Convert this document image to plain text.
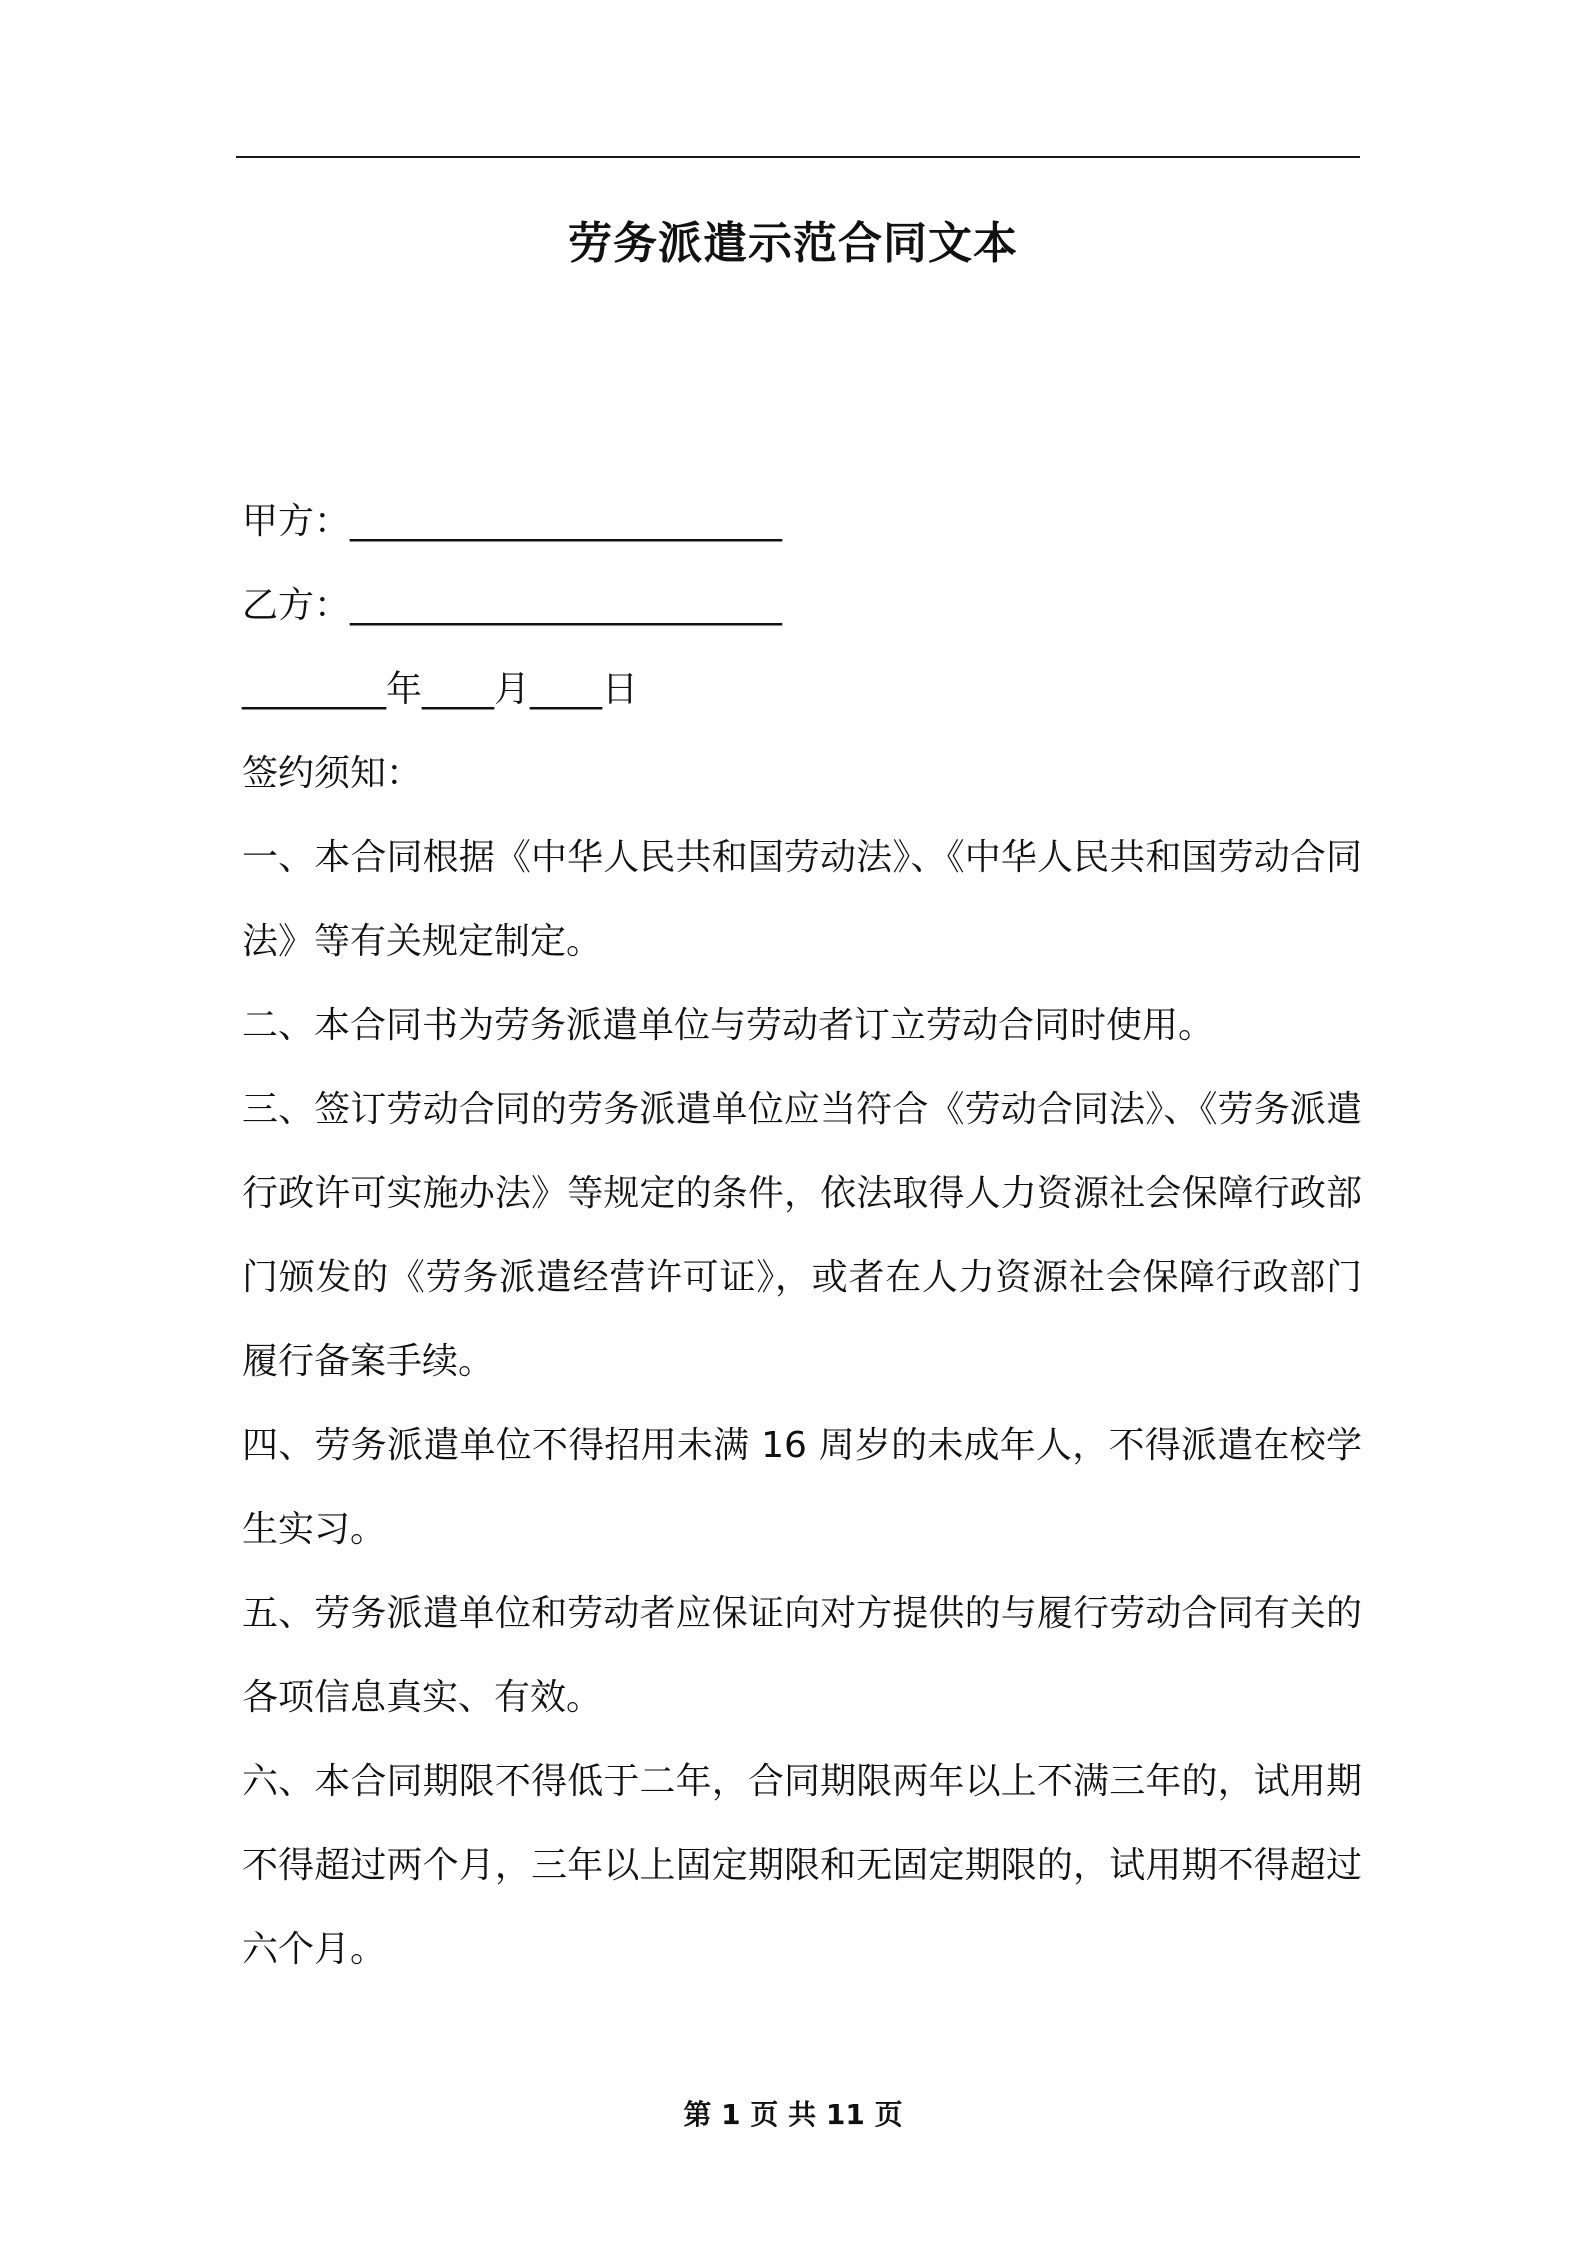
劳务派遣示范合同文本
甲方：________________________
乙方：________________________
________年____月____日
签约须知：

一、本合同根据《中华人民共和国劳动法》、《中华人民共和国劳动合同法》等有关规定制定。

二、本合同书为劳务派遣单位与劳动者订立劳动合同时使用。

三、签订劳动合同的劳务派遣单位应当符合《劳动合同法》、《劳务派遣行政许可实施办法》等规定的条件，依法取得人力资源社会保障行政部门颁发的《劳务派遣经营许可证》，或者在人力资源社会保障行政部门履行备案手续。

四、劳务派遣单位不得招用未满 16 周岁的未成年人，不得派遣在校学生实习。

五、劳务派遣单位和劳动者应保证向对方提供的与履行劳动合同有关的各项信息真实、有效。

六、本合同期限不得低于二年，合同期限两年以上不满三年的，试用期不得超过两个月，三年以上固定期限和无固定期限的，试用期不得超过六个月。

第 1 页 共 11 页
